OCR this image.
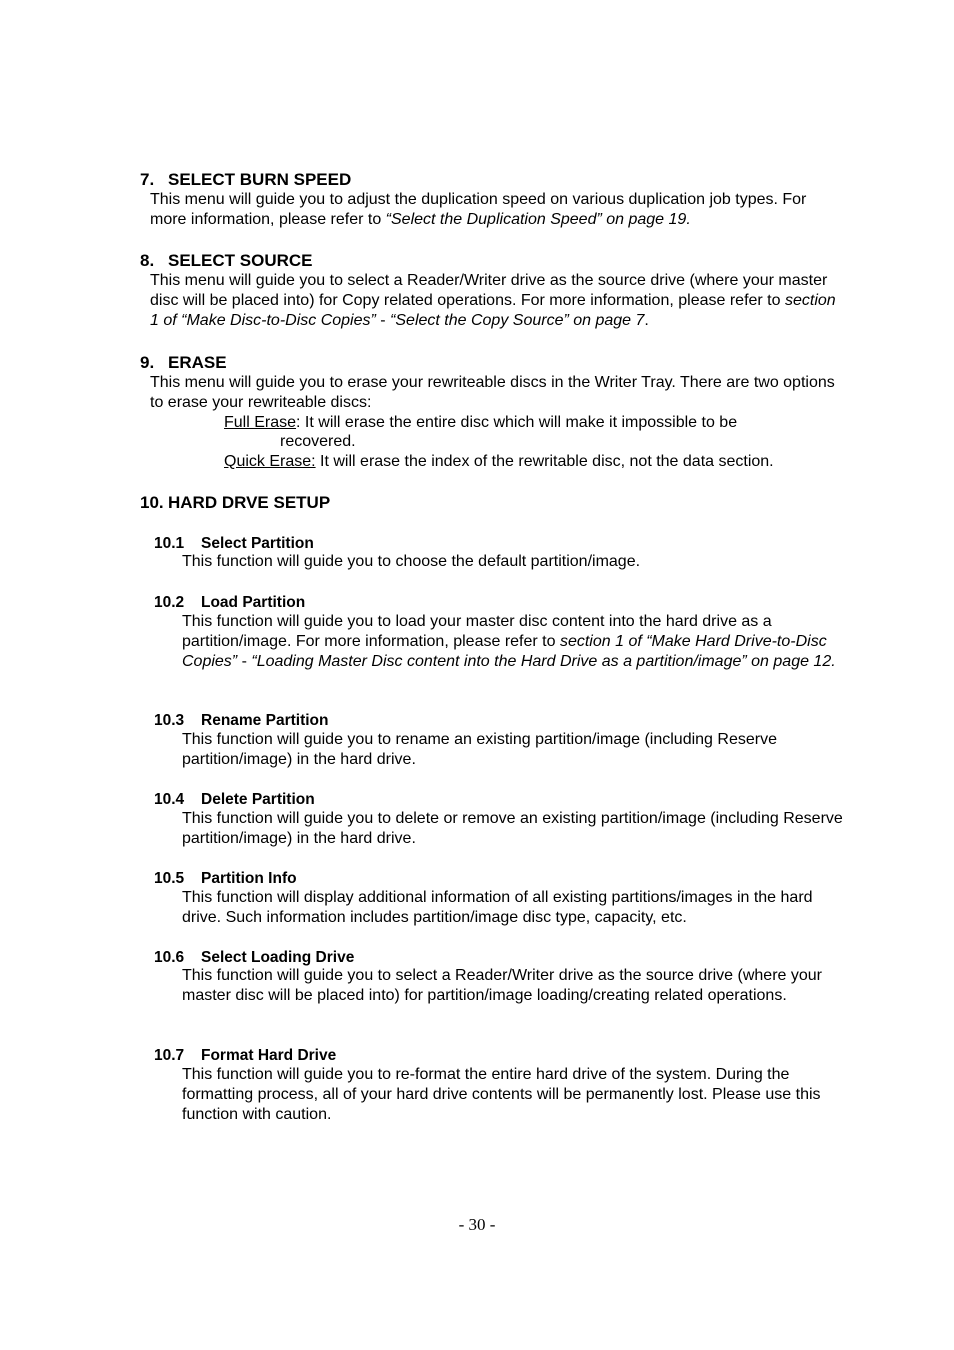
7. SELECT BURN SPEED

This menu will guide you to adjust the duplication speed on various duplication job types. For more information, please refer to “Select the Duplication Speed” on page 19.

8. SELECT SOURCE

This menu will guide you to select a Reader/Writer drive as the source drive (where your master disc will be placed into) for Copy related operations. For more information, please refer to section 1 of “Make Disc-to-Disc Copies” - “Select the Copy Source” on page 7.

9. ERASE

This menu will guide you to erase your rewriteable discs in the Writer Tray. There are two options to erase your rewriteable discs:

Full Erase: It will erase the entire disc which will make it impossible to be
recovered.
Quick Erase: It will erase the index of the rewritable disc, not the data section.
10. HARD DRVE SETUP
10.1 Select Partition

This function will guide you to choose the default partition/image.

10.2 Load Partition

This function will guide you to load your master disc content into the hard drive as a partition/image. For more information, please refer to section 1 of “Make Hard Drive-to-Disc Copies” - “Loading Master Disc content into the Hard Drive as a partition/image” on page 12.

10.3 Rename Partition

This function will guide you to rename an existing partition/image (including Reserve partition/image) in the hard drive.

10.4 Delete Partition

This function will guide you to delete or remove an existing partition/image (including Reserve partition/image) in the hard drive.

10.5 Partition Info

This function will display additional information of all existing partitions/images in the hard drive. Such information includes partition/image disc type, capacity, etc.

10.6 Select Loading Drive

This function will guide you to select a Reader/Writer drive as the source drive (where your master disc will be placed into) for partition/image loading/creating related operations.

10.7 Format Hard Drive

This function will guide you to re-format the entire hard drive of the system. During the formatting process, all of your hard drive contents will be permanently lost. Please use this function with caution.

- 30 -
